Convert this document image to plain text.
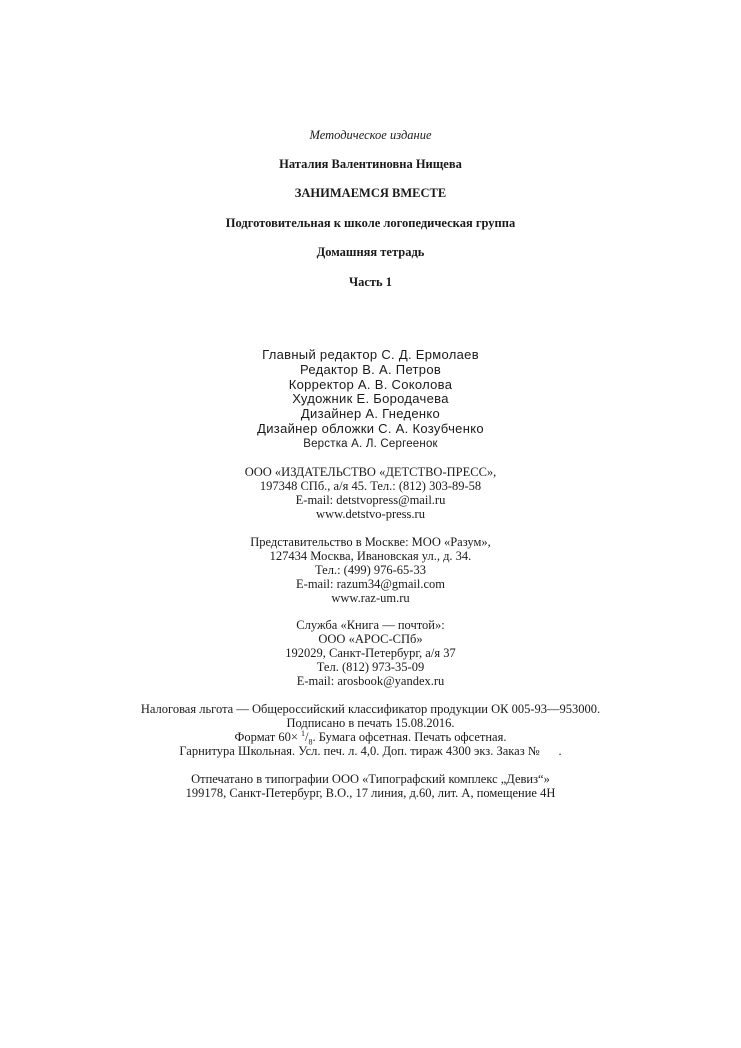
Методическое издание
Наталия Валентиновна Нищева
ЗАНИМАЕМСЯ ВМЕСТЕ
Подготовительная к школе логопедическая группа
Домашняя тетрадь
Часть 1
Главный редактор С. Д. Ермолаев
Редактор В. А. Петров
Корректор А. В. Соколова
Художник Е. Бородачева
Дизайнер А. Гнеденко
Дизайнер обложки С. А. Козубченко
Верстка А. Л. Сергеенок
ООО «ИЗДАТЕЛЬСТВО «ДЕТСТВО-ПРЕСС»,
197348 СПб., а/я 45. Тел.: (812) 303-89-58
E-mail: detstvopress@mail.ru
www.detstvo-press.ru
Представительство в Москве: МОО «Разум»,
127434 Москва, Ивановская ул., д. 34.
Тел.: (499) 976-65-33
E-mail: razum34@gmail.com
www.raz-um.ru
Служба «Книга — почтой»:
ООО «АРОС-СПб»
192029, Санкт-Петербург, а/я 37
Тел. (812) 973-35-09
E-mail: arosbook@yandex.ru
Налоговая льгота — Общероссийский классификатор продукции ОК 005-93—953000.
Подписано в печать 15.08.2016.
Формат $60\times ^1/_8$. Бумага офсетная. Печать офсетная.
Гарнитура Школьная. Усл. печ. л. 4,0. Доп. тираж 4300 экз. Заказ №      .
Отпечатано в типографии ООО «Типографский комплекс „Девиз“»
199178, Санкт-Петербург, В.О., 17 линия, д.60, лит. А, помещение 4Н
